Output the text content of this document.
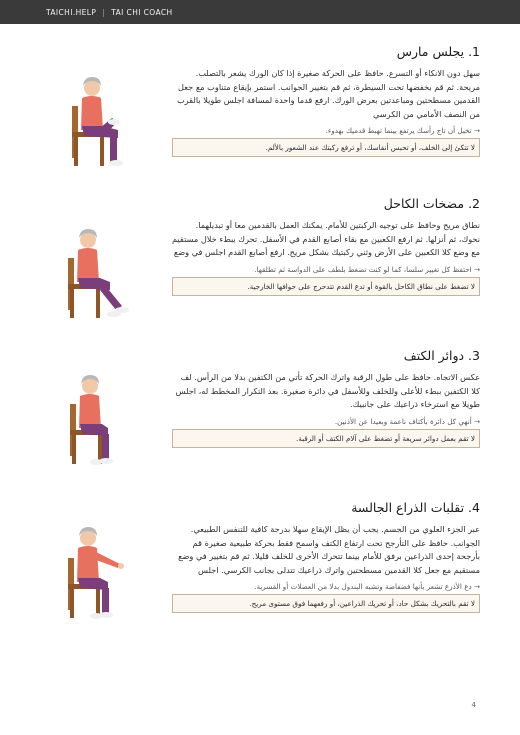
TAICHI.HELP | TAI CHI COACH
1. يجلس مارس
سهل دون الانكاء أو التسرع. حافظ على الحركة صغيرة إذا كان الورك يشعر بالتصلب. مريحة. ثم قم بخفضها تحت السيطرة، ثم قم بتغيير الجوانب. استمر بإيقاع متناوب مع جعل القدمين مسطحتين ومباعدتين بعرض الورك. ارفع قدما واحدة لمسافة اجلس طويلا بالقرب من النصف الأمامي من الكرسي
→ تخيل أن تاج رأسك يرتفع بينما تهبط قدميك بهدوء.
لا تتكئ إلى الخلف، أو تحبس أنفاسك، أو ترفع ركبتك عند الشعور بالألم.
2. مضخات الكاحل
نطاق مريح وحافظ على توجيه الركبتين للأمام. يمكنك العمل بالقدمين معا أو تبديلهما. نحوك، ثم أنزلها. ثم ارفع الكعبين مع بقاء أصابع القدم في الأسفل. تحرك ببطء خلال مستقيم مع وضع كلا الكعبين على الأرض وثني ركبتيك بشكل مريح. ارفع أصابع القدم اجلس في وضع
→ احتفظ كل تغيير سلسا، كما لو كنت تضغط بلطف على الدواسة ثم تطلقها.
لا تضغط على نطاق الكاحل بالقوة أو تدع القدم تتدحرج على حوافها الخارجية.
3. دوائر الكتف
عكس الاتجاه. حافظ على طول الرقبة واترك الحركة تأتي من الكتفين بدلا من الرأس. لف كلا الكتفين ببطء للأعلى وللخلف وللأسفل في دائرة صغيرة. بعد التكرار المخطط له، اجلس طويلا مع استرخاء ذراعيك على جانبيك.
→ أنهي كل دائرة بأكتاف ناعمة وبعيدا عن الأذنين.
لا تقم بعمل دوائر سريعة أو تضغط على آلام الكتف أو الرقبة.
4. تقلبات الذراع الجالسة
عبر الجزء العلوي من الجسم. يجب أن يظل الإيقاع سهلا بدرجة كافية للتنفس الطبيعي. الجوانب. حافظ على التأرجح تحت ارتفاع الكتف واسمح فقط بحركة طبيعية صغيرة قم بأرجحة إحدى الذراعين برفق للأمام بينما تتحرك الأخرى للخلف قليلا. ثم قم بتغيير في وضع مستقيم مع جعل كلا القدمين مسطحتين واترك ذراعيك تتدلى بجانب الكرسي. اجلس
→ دع الأذرع تشعر بأنها فضفاضة وتشبه البندول بدلا من العضلات أو القسرية.
لا تقم بالتحريك بشكل حاد، أو تحريك الذراعين، أو رفعهما فوق مستوى مريح.
4
